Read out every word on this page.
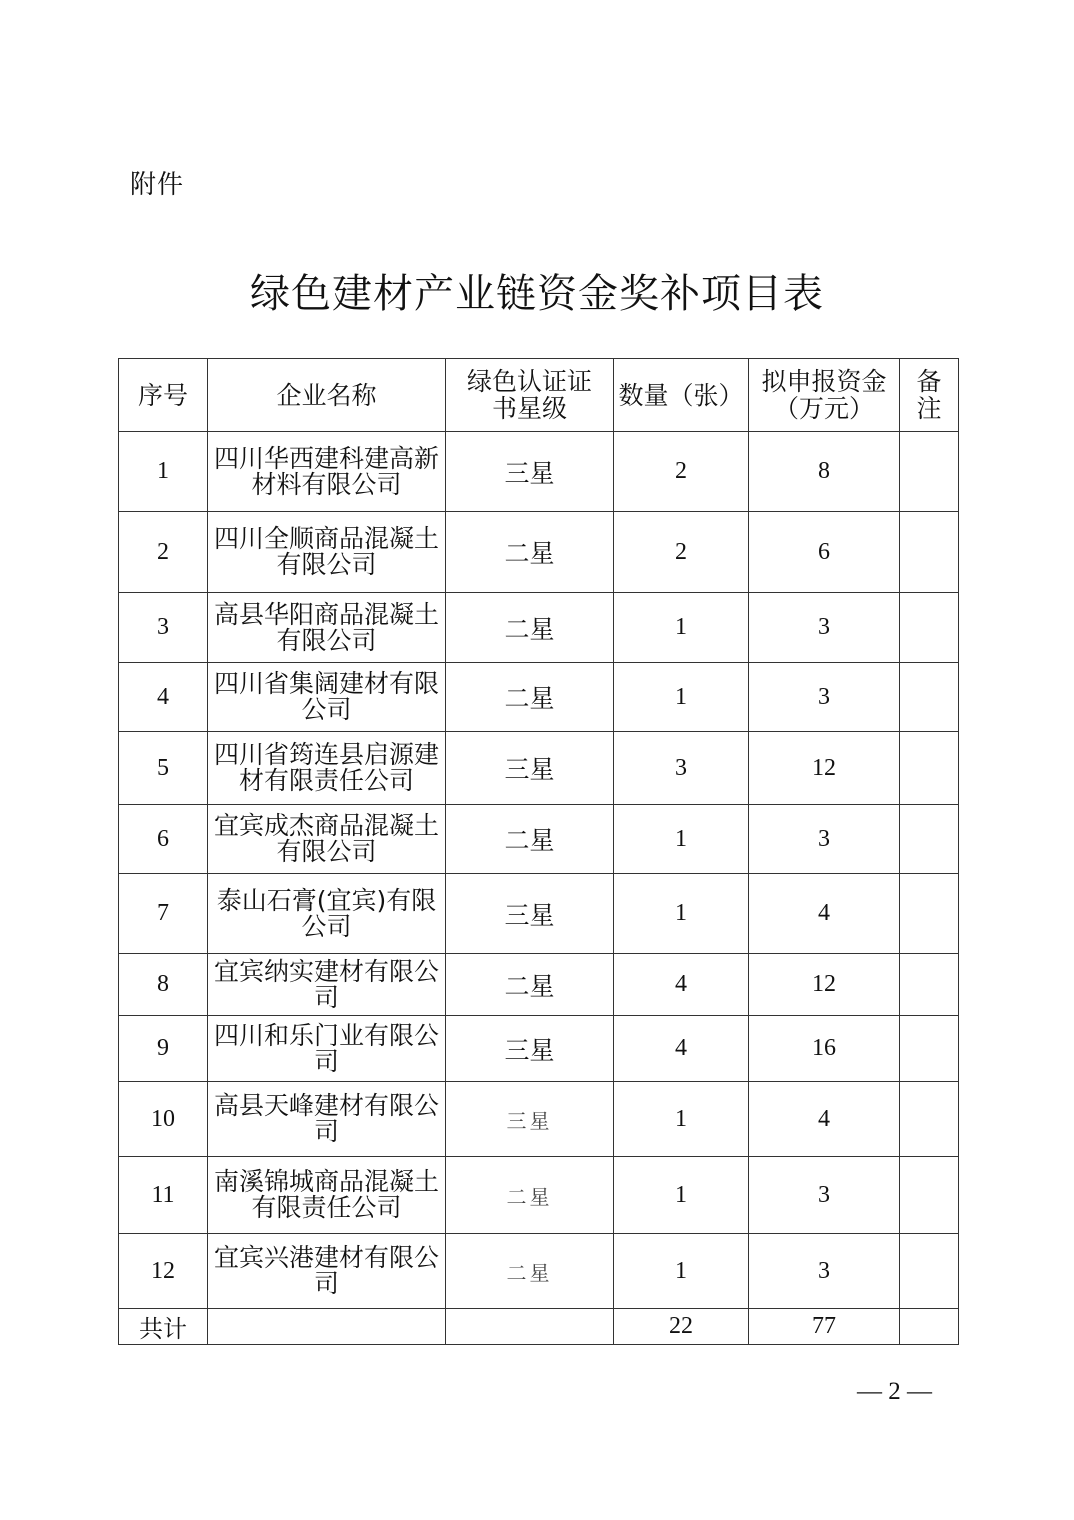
附件
绿色建材产业链资金奖补项目表
序号	企业名称	绿色认证证书星级	数量（张）	拟申报资金（万元）	备注
1	四川华西建科建高新材料有限公司	三星	2	8	
2	四川全顺商品混凝土有限公司	二星	2	6	
3	高县华阳商品混凝土有限公司	二星	1	3	
4	四川省集阔建材有限公司	二星	1	3	
5	四川省筠连县启源建材有限责任公司	三星	3	12	
6	宜宾成杰商品混凝土有限公司	二星	1	3	
7	泰山石膏(宜宾)有限公司	三星	1	4	
8	宜宾纳实建材有限公司	二星	4	12	
9	四川和乐门业有限公司	三星	4	16	
10	高县天峰建材有限公司	三星	1	4	
11	南溪锦城商品混凝土有限责任公司	二星	1	3	
12	宜宾兴港建材有限公司	二星	1	3	
共计			22	77	
— 2 —
